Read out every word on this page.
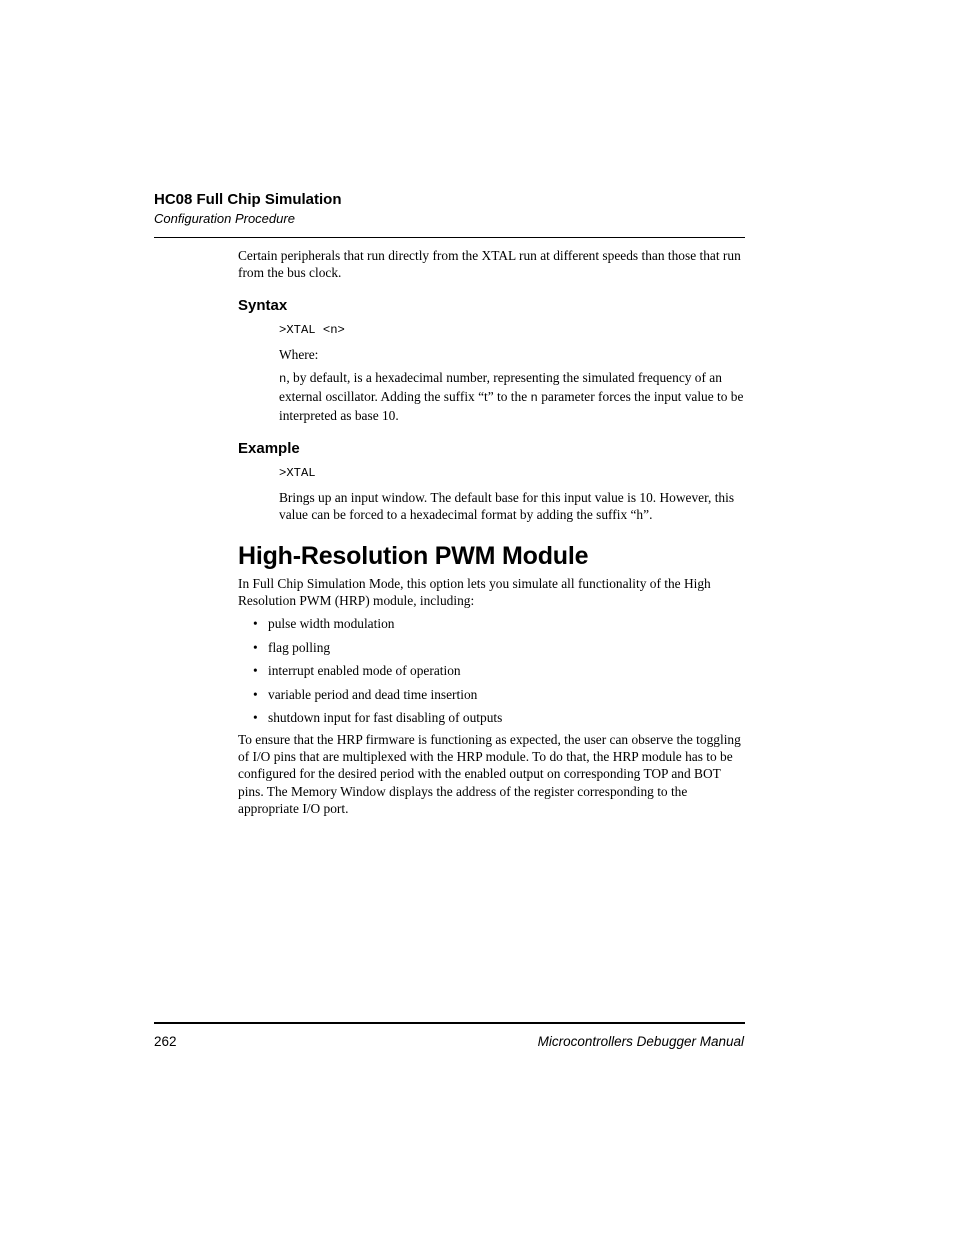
HC08 Full Chip Simulation
Configuration Procedure

Certain peripherals that run directly from the XTAL run at different speeds than those that run from the bus clock.

Syntax

>XTAL <n>

Where:

n, by default, is a hexadecimal number, representing the simulated frequency of an external oscillator. Adding the suffix “t” to the n parameter forces the input value to be interpreted as base 10.

Example

>XTAL

Brings up an input window. The default base for this input value is 10. However, this value can be forced to a hexadecimal format by adding the suffix “h”.

High-Resolution PWM Module

In Full Chip Simulation Mode, this option lets you simulate all functionality of the High Resolution PWM (HRP) module, including:

• pulse width modulation
• flag polling
• interrupt enabled mode of operation
• variable period and dead time insertion
• shutdown input for fast disabling of outputs

To ensure that the HRP firmware is functioning as expected, the user can observe the toggling of I/O pins that are multiplexed with the HRP module. To do that, the HRP module has to be configured for the desired period with the enabled output on corresponding TOP and BOT pins. The Memory Window displays the address of the register corresponding to the appropriate I/O port.

262	Microcontrollers Debugger Manual
